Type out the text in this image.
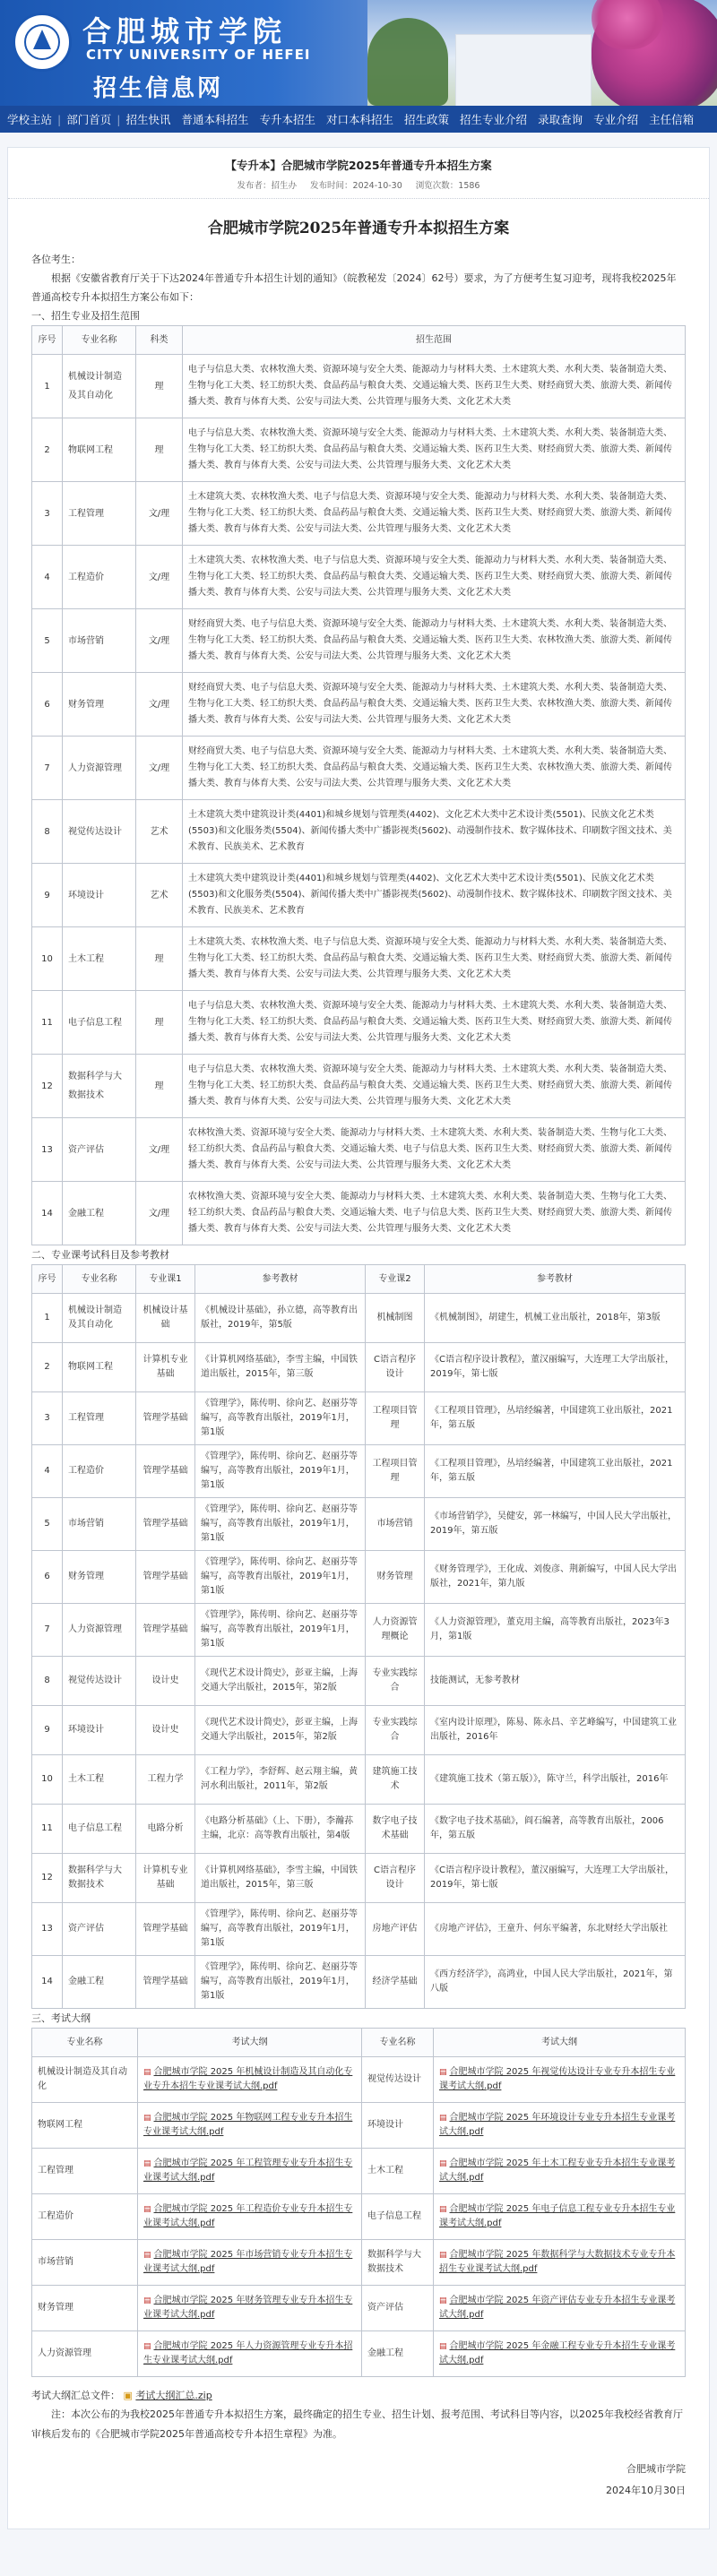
合肥城市学院
CITY UNIVERSITY OF HEFEI
招生信息网
学校主站 | 部门首页 | 招生快讯 普通本科招生 专升本招生 对口本科招生 招生政策 招生专业介绍 录取查询 专业介绍 主任信箱
【专升本】合肥城市学院2025年普通专升本招生方案
发布者：招生办 发布时间：2024-10-30 浏览次数：1586
合肥城市学院2025年普通专升本拟招生方案

各位考生：

根据《安徽省教育厅关于下达2024年普通专升本招生计划的通知》（皖教秘发〔2024〕62号）要求，为了方便考生复习迎考，现将我校2025年普通高校专升本拟招生方案公布如下：

一、招生专业及招生范围

序号	专业名称	科类	招生范围
1	机械设计制造及其自动化	理	电子与信息大类、农林牧渔大类、资源环境与安全大类、能源动力与材料大类、土木建筑大类、水利大类、装备制造大类、生物与化工大类、轻工纺织大类、食品药品与粮食大类、交通运输大类、医药卫生大类、财经商贸大类、旅游大类、新闻传播大类、教育与体育大类、公安与司法大类、公共管理与服务大类、文化艺术大类
2	物联网工程	理	电子与信息大类、农林牧渔大类、资源环境与安全大类、能源动力与材料大类、土木建筑大类、水利大类、装备制造大类、生物与化工大类、轻工纺织大类、食品药品与粮食大类、交通运输大类、医药卫生大类、财经商贸大类、旅游大类、新闻传播大类、教育与体育大类、公安与司法大类、公共管理与服务大类、文化艺术大类
3	工程管理	文/理	土木建筑大类、农林牧渔大类、电子与信息大类、资源环境与安全大类、能源动力与材料大类、水利大类、装备制造大类、生物与化工大类、轻工纺织大类、食品药品与粮食大类、交通运输大类、医药卫生大类、财经商贸大类、旅游大类、新闻传播大类、教育与体育大类、公安与司法大类、公共管理与服务大类、文化艺术大类
4	工程造价	文/理	土木建筑大类、农林牧渔大类、电子与信息大类、资源环境与安全大类、能源动力与材料大类、水利大类、装备制造大类、生物与化工大类、轻工纺织大类、食品药品与粮食大类、交通运输大类、医药卫生大类、财经商贸大类、旅游大类、新闻传播大类、教育与体育大类、公安与司法大类、公共管理与服务大类、文化艺术大类
5	市场营销	文/理	财经商贸大类、电子与信息大类、资源环境与安全大类、能源动力与材料大类、土木建筑大类、水利大类、装备制造大类、生物与化工大类、轻工纺织大类、食品药品与粮食大类、交通运输大类、医药卫生大类、农林牧渔大类、旅游大类、新闻传播大类、教育与体育大类、公安与司法大类、公共管理与服务大类、文化艺术大类
6	财务管理	文/理	财经商贸大类、电子与信息大类、资源环境与安全大类、能源动力与材料大类、土木建筑大类、水利大类、装备制造大类、生物与化工大类、轻工纺织大类、食品药品与粮食大类、交通运输大类、医药卫生大类、农林牧渔大类、旅游大类、新闻传播大类、教育与体育大类、公安与司法大类、公共管理与服务大类、文化艺术大类
7	人力资源管理	文/理	财经商贸大类、电子与信息大类、资源环境与安全大类、能源动力与材料大类、土木建筑大类、水利大类、装备制造大类、生物与化工大类、轻工纺织大类、食品药品与粮食大类、交通运输大类、医药卫生大类、农林牧渔大类、旅游大类、新闻传播大类、教育与体育大类、公安与司法大类、公共管理与服务大类、文化艺术大类
8	视觉传达设计	艺术	土木建筑大类中建筑设计类(4401)和城乡规划与管理类(4402)、文化艺术大类中艺术设计类(5501)、民族文化艺术类(5503)和文化服务类(5504)、新闻传播大类中广播影视类(5602)、动漫制作技术、数字媒体技术、印刷数字图文技术、美术教育、民族美术、艺术教育
9	环境设计	艺术	土木建筑大类中建筑设计类(4401)和城乡规划与管理类(4402)、文化艺术大类中艺术设计类(5501)、民族文化艺术类(5503)和文化服务类(5504)、新闻传播大类中广播影视类(5602)、动漫制作技术、数字媒体技术、印刷数字图文技术、美术教育、民族美术、艺术教育
10	土木工程	理	土木建筑大类、农林牧渔大类、电子与信息大类、资源环境与安全大类、能源动力与材料大类、水利大类、装备制造大类、生物与化工大类、轻工纺织大类、食品药品与粮食大类、交通运输大类、医药卫生大类、财经商贸大类、旅游大类、新闻传播大类、教育与体育大类、公安与司法大类、公共管理与服务大类、文化艺术大类
11	电子信息工程	理	电子与信息大类、农林牧渔大类、资源环境与安全大类、能源动力与材料大类、土木建筑大类、水利大类、装备制造大类、生物与化工大类、轻工纺织大类、食品药品与粮食大类、交通运输大类、医药卫生大类、财经商贸大类、旅游大类、新闻传播大类、教育与体育大类、公安与司法大类、公共管理与服务大类、文化艺术大类
12	数据科学与大数据技术	理	电子与信息大类、农林牧渔大类、资源环境与安全大类、能源动力与材料大类、土木建筑大类、水利大类、装备制造大类、生物与化工大类、轻工纺织大类、食品药品与粮食大类、交通运输大类、医药卫生大类、财经商贸大类、旅游大类、新闻传播大类、教育与体育大类、公安与司法大类、公共管理与服务大类、文化艺术大类
13	资产评估	文/理	农林牧渔大类、资源环境与安全大类、能源动力与材料大类、土木建筑大类、水利大类、装备制造大类、生物与化工大类、轻工纺织大类、食品药品与粮食大类、交通运输大类、电子与信息大类、医药卫生大类、财经商贸大类、旅游大类、新闻传播大类、教育与体育大类、公安与司法大类、公共管理与服务大类、文化艺术大类
14	金融工程	文/理	农林牧渔大类、资源环境与安全大类、能源动力与材料大类、土木建筑大类、水利大类、装备制造大类、生物与化工大类、轻工纺织大类、食品药品与粮食大类、交通运输大类、电子与信息大类、医药卫生大类、财经商贸大类、旅游大类、新闻传播大类、教育与体育大类、公安与司法大类、公共管理与服务大类、文化艺术大类

二、专业课考试科目及参考教材

序号	专业名称	专业课1	参考教材	专业课2	参考教材
1	机械设计制造及其自动化	机械设计基础	《机械设计基础》，孙立德，高等教育出版社，2019年，第5版	机械制图	《机械制图》，胡建生，机械工业出版社，2018年，第3版
2	物联网工程	计算机专业基础	《计算机网络基础》，李雪主编，中国铁道出版社，2015年，第三版	C语言程序设计	《C语言程序设计教程》，董汉丽编写，大连理工大学出版社，2019年，第七版
3	工程管理	管理学基础	《管理学》，陈传明、徐向艺、赵丽芬等编写，高等教育出版社，2019年1月，第1版	工程项目管理	《工程项目管理》，丛培经编著，中国建筑工业出版社，2021年，第五版
4	工程造价	管理学基础	《管理学》，陈传明、徐向艺、赵丽芬等编写，高等教育出版社，2019年1月，第1版	工程项目管理	《工程项目管理》，丛培经编著，中国建筑工业出版社，2021年，第五版
5	市场营销	管理学基础	《管理学》，陈传明、徐向艺、赵丽芬等编写，高等教育出版社，2019年1月，第1版	市场营销	《市场营销学》，吴健安，郭一林编写，中国人民大学出版社，2019年，第五版
6	财务管理	管理学基础	《管理学》，陈传明、徐向艺、赵丽芬等编写，高等教育出版社，2019年1月，第1版	财务管理	《财务管理学》，王化成、刘俊彦、荆新编写，中国人民大学出版社，2021年，第九版
7	人力资源管理	管理学基础	《管理学》，陈传明、徐向艺、赵丽芬等编写，高等教育出版社，2019年1月，第1版	人力资源管理概论	《人力资源管理》，董克用主编，高等教育出版社，2023年3月，第1版
8	视觉传达设计	设计史	《现代艺术设计简史》，彭亚主编，上海交通大学出版社，2015年，第2版	专业实践综合	技能测试，无参考教材
9	环境设计	设计史	《现代艺术设计简史》，彭亚主编，上海交通大学出版社，2015年，第2版	专业实践综合	《室内设计原理》，陈易、陈永昌、辛艺峰编写，中国建筑工业出版社，2016年
10	土木工程	工程力学	《工程力学》，李舒辉、赵云翔主编，黄河水利出版社，2011年，第2版	建筑施工技术	《建筑施工技术（第五版）》，陈守兰，科学出版社，2016年
11	电子信息工程	电路分析	《电路分析基础》（上、下册），李瀚荪主编，北京：高等教育出版社，第4版	数字电子技术基础	《数字电子技术基础》，阎石编著，高等教育出版社，2006年，第五版
12	数据科学与大数据技术	计算机专业基础	《计算机网络基础》，李雪主编，中国铁道出版社，2015年，第三版	C语言程序设计	《C语言程序设计教程》，董汉丽编写，大连理工大学出版社，2019年，第七版
13	资产评估	管理学基础	《管理学》，陈传明、徐向艺、赵丽芬等编写，高等教育出版社，2019年1月，第1版	房地产评估	《房地产评估》，王童升、何东平编著，东北财经大学出版社
14	金融工程	管理学基础	《管理学》，陈传明、徐向艺、赵丽芬等编写，高等教育出版社，2019年1月，第1版	经济学基础	《西方经济学》，高鸿业，中国人民大学出版社，2021年，第八版

三、考试大纲

专业名称	考试大纲	专业名称	考试大纲
机械设计制造及其自动化	▤ 合肥城市学院 2025 年机械设计制造及其自动化专业专升本招生专业课考试大纲.pdf	视觉传达设计	▤ 合肥城市学院 2025 年视觉传达设计专业专升本招生专业课考试大纲.pdf
物联网工程	▤ 合肥城市学院 2025 年物联网工程专业专升本招生专业课考试大纲.pdf	环境设计	▤ 合肥城市学院 2025 年环境设计专业专升本招生专业课考试大纲.pdf
工程管理	▤ 合肥城市学院 2025 年工程管理专业专升本招生专业课考试大纲.pdf	土木工程	▤ 合肥城市学院 2025 年土木工程专业专升本招生专业课考试大纲.pdf
工程造价	▤ 合肥城市学院 2025 年工程造价专业专升本招生专业课考试大纲.pdf	电子信息工程	▤ 合肥城市学院 2025 年电子信息工程专业专升本招生专业课考试大纲.pdf
市场营销	▤ 合肥城市学院 2025 年市场营销专业专升本招生专业课考试大纲.pdf	数据科学与大数据技术	▤ 合肥城市学院 2025 年数据科学与大数据技术专业专升本招生专业课考试大纲.pdf
财务管理	▤ 合肥城市学院 2025 年财务管理专业专升本招生专业课考试大纲.pdf	资产评估	▤ 合肥城市学院 2025 年资产评估专业专升本招生专业课考试大纲.pdf
人力资源管理	▤ 合肥城市学院 2025 年人力资源管理专业专升本招生专业课考试大纲.pdf	金融工程	▤ 合肥城市学院 2025 年金融工程专业专升本招生专业课考试大纲.pdf

考试大纲汇总文件： ▣ 考试大纲汇总.zip

注：本次公布的为我校2025年普通专升本拟招生方案，最终确定的招生专业、招生计划、报考范围、考试科目等内容，以2025年我校经省教育厅审核后发布的《合肥城市学院2025年普通高校专升本招生章程》为准。

合肥城市学院
2024年10月30日
